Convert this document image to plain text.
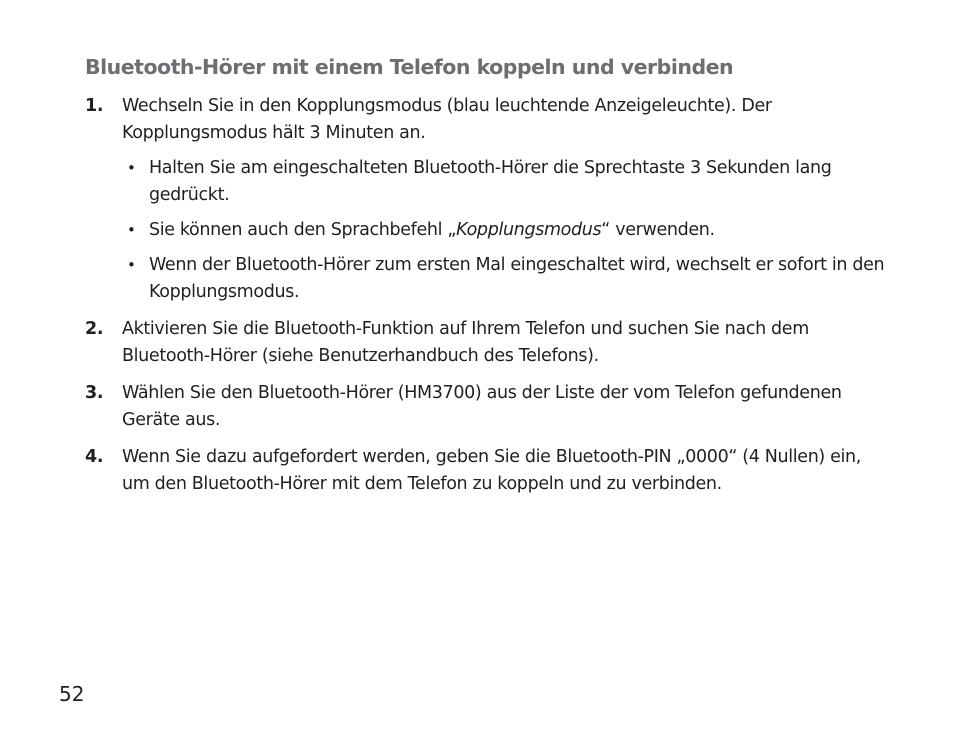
Bluetooth-Hörer mit einem Telefon koppeln und verbinden
1. Wechseln Sie in den Kopplungsmodus (blau leuchtende Anzeigeleuchte). Der Kopplungsmodus hält 3 Minuten an.
• Halten Sie am eingeschalteten Bluetooth-Hörer die Sprechtaste 3 Sekunden lang gedrückt.
• Sie können auch den Sprachbefehl „Kopplungsmodus“ verwenden.
• Wenn der Bluetooth-Hörer zum ersten Mal eingeschaltet wird, wechselt er sofort in den Kopplungsmodus.
2. Aktivieren Sie die Bluetooth-Funktion auf Ihrem Telefon und suchen Sie nach dem Bluetooth-Hörer (siehe Benutzerhandbuch des Telefons).
3. Wählen Sie den Bluetooth-Hörer (HM3700) aus der Liste der vom Telefon gefundenen Geräte aus.
4. Wenn Sie dazu aufgefordert werden, geben Sie die Bluetooth-PIN „0000“ (4 Nullen) ein, um den Bluetooth-Hörer mit dem Telefon zu koppeln und zu verbinden.
52
